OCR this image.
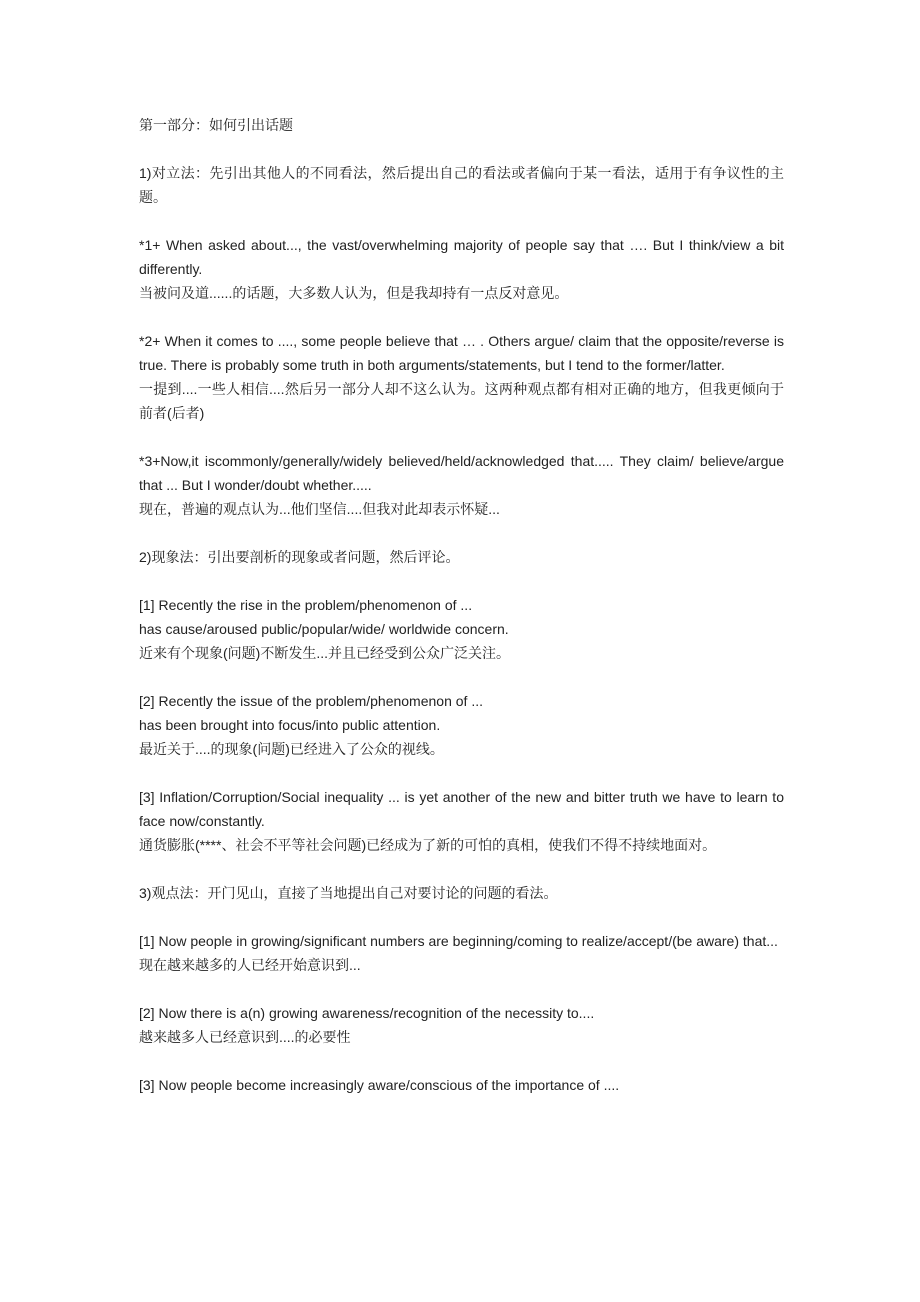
第一部分：如何引出话题

1)对立法：先引出其他人的不同看法，然后提出自己的看法或者偏向于某一看法，适用于有争议性的主题。

*1+ When asked about..., the vast/overwhelming majority of people say that …. But I think/view a bit differently.

当被问及道......的话题，大多数人认为，但是我却持有一点反对意见。

*2+ When it comes to ...., some people believe that … . Others argue/ claim that the opposite/reverse is true. There is probably some truth in both arguments/statements, but I tend to the former/latter.

一提到....一些人相信....然后另一部分人却不这么认为。这两种观点都有相对正确的地方，但我更倾向于前者(后者)

*3+Now,it iscommonly/generally/widely believed/held/acknowledged that..... They claim/ believe/argue that ... But I wonder/doubt whether.....

现在，普遍的观点认为...他们坚信....但我对此却表示怀疑...

2)现象法：引出要剖析的现象或者问题，然后评论。

[1] Recently the rise in the problem/phenomenon of ...

has cause/aroused public/popular/wide/ worldwide concern.

近来有个现象(问题)不断发生...并且已经受到公众广泛关注。

[2] Recently the issue of the problem/phenomenon of ...

has been brought into focus/into public attention.

最近关于....的现象(问题)已经进入了公众的视线。

[3] Inflation/Corruption/Social inequality ... is yet another of the new and bitter truth we have to learn to face now/constantly.

通货膨胀(****、社会不平等社会问题)已经成为了新的可怕的真相，使我们不得不持续地面对。

3)观点法：开门见山，直接了当地提出自己对要讨论的问题的看法。

[1] Now people in growing/significant numbers are beginning/coming to realize/accept/(be aware) that...

现在越来越多的人已经开始意识到...

[2] Now there is a(n) growing awareness/recognition of the necessity to....

越来越多人已经意识到....的必要性

[3] Now people become increasingly aware/conscious of the importance of ....
